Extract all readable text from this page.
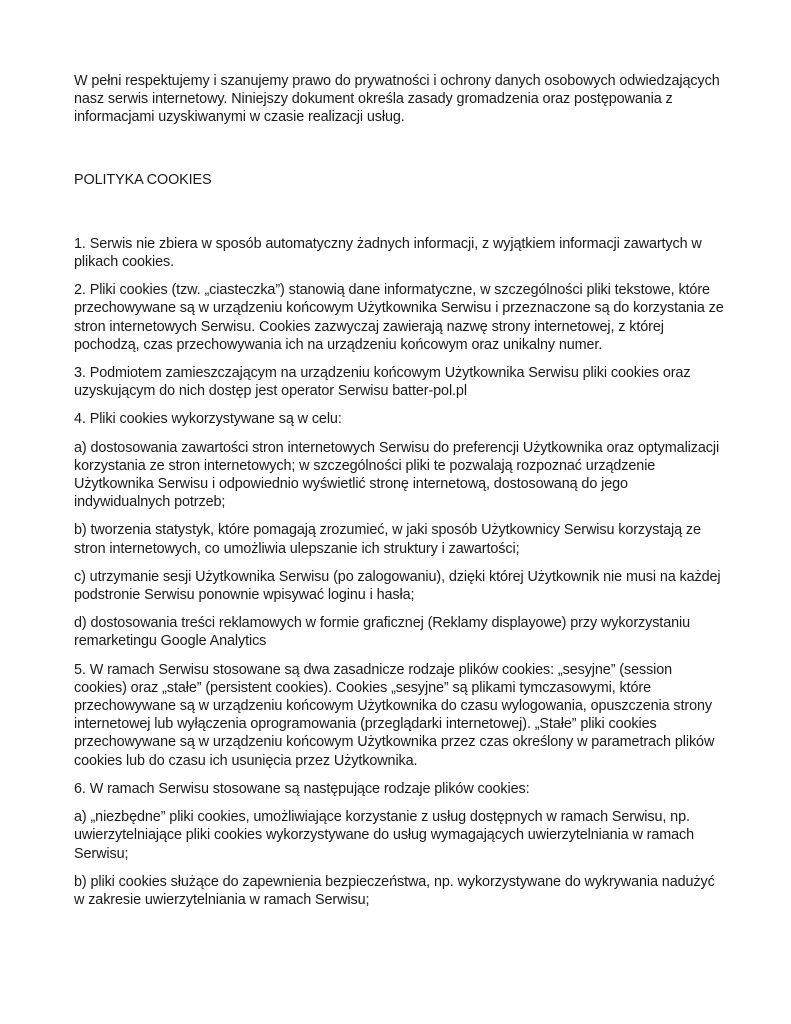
W pełni respektujemy i szanujemy prawo do prywatności i ochrony danych osobowych odwiedzających nasz serwis internetowy. Niniejszy dokument określa zasady gromadzenia oraz postępowania z informacjami uzyskiwanymi w czasie realizacji usług.

POLITYKA COOKIES

1. Serwis nie zbiera w sposób automatyczny żadnych informacji, z wyjątkiem informacji zawartych w plikach cookies.

2. Pliki cookies (tzw. „ciasteczka”) stanowią dane informatyczne, w szczególności pliki tekstowe, które przechowywane są w urządzeniu końcowym Użytkownika Serwisu i przeznaczone są do korzystania ze stron internetowych Serwisu. Cookies zazwyczaj zawierają nazwę strony internetowej, z której pochodzą, czas przechowywania ich na urządzeniu końcowym oraz unikalny numer.

3. Podmiotem zamieszczającym na urządzeniu końcowym Użytkownika Serwisu pliki cookies oraz uzyskującym do nich dostęp jest operator Serwisu batter-pol.pl

4. Pliki cookies wykorzystywane są w celu:

a) dostosowania zawartości stron internetowych Serwisu do preferencji Użytkownika oraz optymalizacji korzystania ze stron internetowych; w szczególności pliki te pozwalają rozpoznać urządzenie Użytkownika Serwisu i odpowiednio wyświetlić stronę internetową, dostosowaną do jego indywidualnych potrzeb;

b) tworzenia statystyk, które pomagają zrozumieć, w jaki sposób Użytkownicy Serwisu korzystają ze stron internetowych, co umożliwia ulepszanie ich struktury i zawartości;

c) utrzymanie sesji Użytkownika Serwisu (po zalogowaniu), dzięki której Użytkownik nie musi na każdej podstronie Serwisu ponownie wpisywać loginu i hasła;

d) dostosowania treści reklamowych w formie graficznej (Reklamy displayowe) przy wykorzystaniu remarketingu Google Analytics

5. W ramach Serwisu stosowane są dwa zasadnicze rodzaje plików cookies: „sesyjne” (session cookies) oraz „stałe” (persistent cookies). Cookies „sesyjne” są plikami tymczasowymi, które przechowywane są w urządzeniu końcowym Użytkownika do czasu wylogowania, opuszczenia strony internetowej lub wyłączenia oprogramowania (przeglądarki internetowej). „Stałe” pliki cookies przechowywane są w urządzeniu końcowym Użytkownika przez czas określony w parametrach plików cookies lub do czasu ich usunięcia przez Użytkownika.

6. W ramach Serwisu stosowane są następujące rodzaje plików cookies:

a) „niezbędne” pliki cookies, umożliwiające korzystanie z usług dostępnych w ramach Serwisu, np. uwierzytelniające pliki cookies wykorzystywane do usług wymagających uwierzytelniania w ramach Serwisu;

b) pliki cookies służące do zapewnienia bezpieczeństwa, np. wykorzystywane do wykrywania nadużyć w zakresie uwierzytelniania w ramach Serwisu;
